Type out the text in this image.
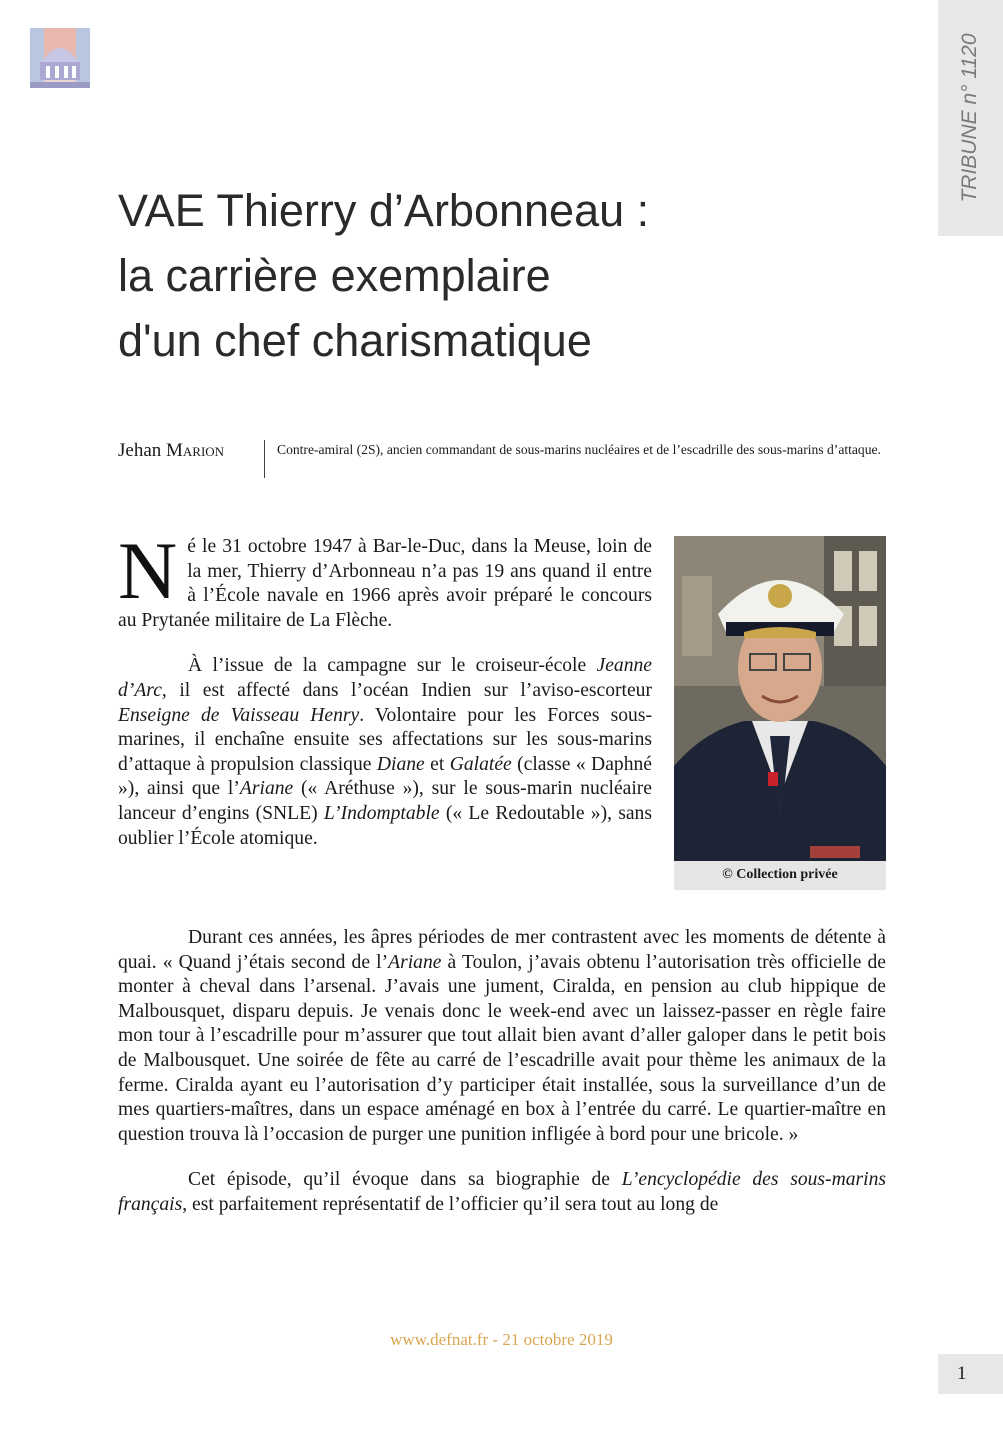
TRIBUNE n° 1120
VAE Thierry d’Arbonneau :
la carrière exemplaire
d'un chef charismatique
Jehan Marion	Contre-amiral (2S), ancien commandant de sous-marins nucléaires et de l’escadrille des sous-marins d’attaque.

Né le 31 octobre 1947 à Bar-le-Duc, dans la Meuse, loin de la mer, Thierry d’Arbonneau n’a pas 19 ans quand il entre à l’École navale en 1966 après avoir préparé le concours au Prytanée militaire de La Flèche.

À l’issue de la campagne sur le croiseur-école Jeanne d’Arc, il est affecté dans l’océan Indien sur l’aviso-escorteur Enseigne de Vaisseau Henry. Volontaire pour les Forces sous-marines, il enchaîne ensuite ses affectations sur les sous-marins d’attaque à propulsion classique Diane et Galatée (classe « Daphné »), ainsi que l’Ariane (« Aréthuse »), sur le sous-marin nucléaire lanceur d’engins (SNLE) L’Indomptable (« Le Redoutable »), sans oublier l’École atomique.

© Collection privée

Durant ces années, les âpres périodes de mer contrastent avec les moments de détente à quai. « Quand j’étais second de l’Ariane à Toulon, j’avais obtenu l’autorisation très officielle de monter à cheval dans l’arsenal. J’avais une jument, Ciralda, en pension au club hippique de Malbousquet, disparu depuis. Je venais donc le week-end avec un laissez-passer en règle faire mon tour à l’escadrille pour m’assurer que tout allait bien avant d’aller galoper dans le petit bois de Malbousquet. Une soirée de fête au carré de l’escadrille avait pour thème les animaux de la ferme. Ciralda ayant eu l’autorisation d’y participer était installée, sous la surveillance d’un de mes quartiers-maîtres, dans un espace aménagé en box à l’entrée du carré. Le quartier-maître en question trouva là l’occasion de purger une punition infligée à bord pour une bricole. »

Cet épisode, qu’il évoque dans sa biographie de L’encyclopédie des sous-marins français, est parfaitement représentatif de l’officier qu’il sera tout au long de

www.defnat.fr - 21 octobre 2019
1
